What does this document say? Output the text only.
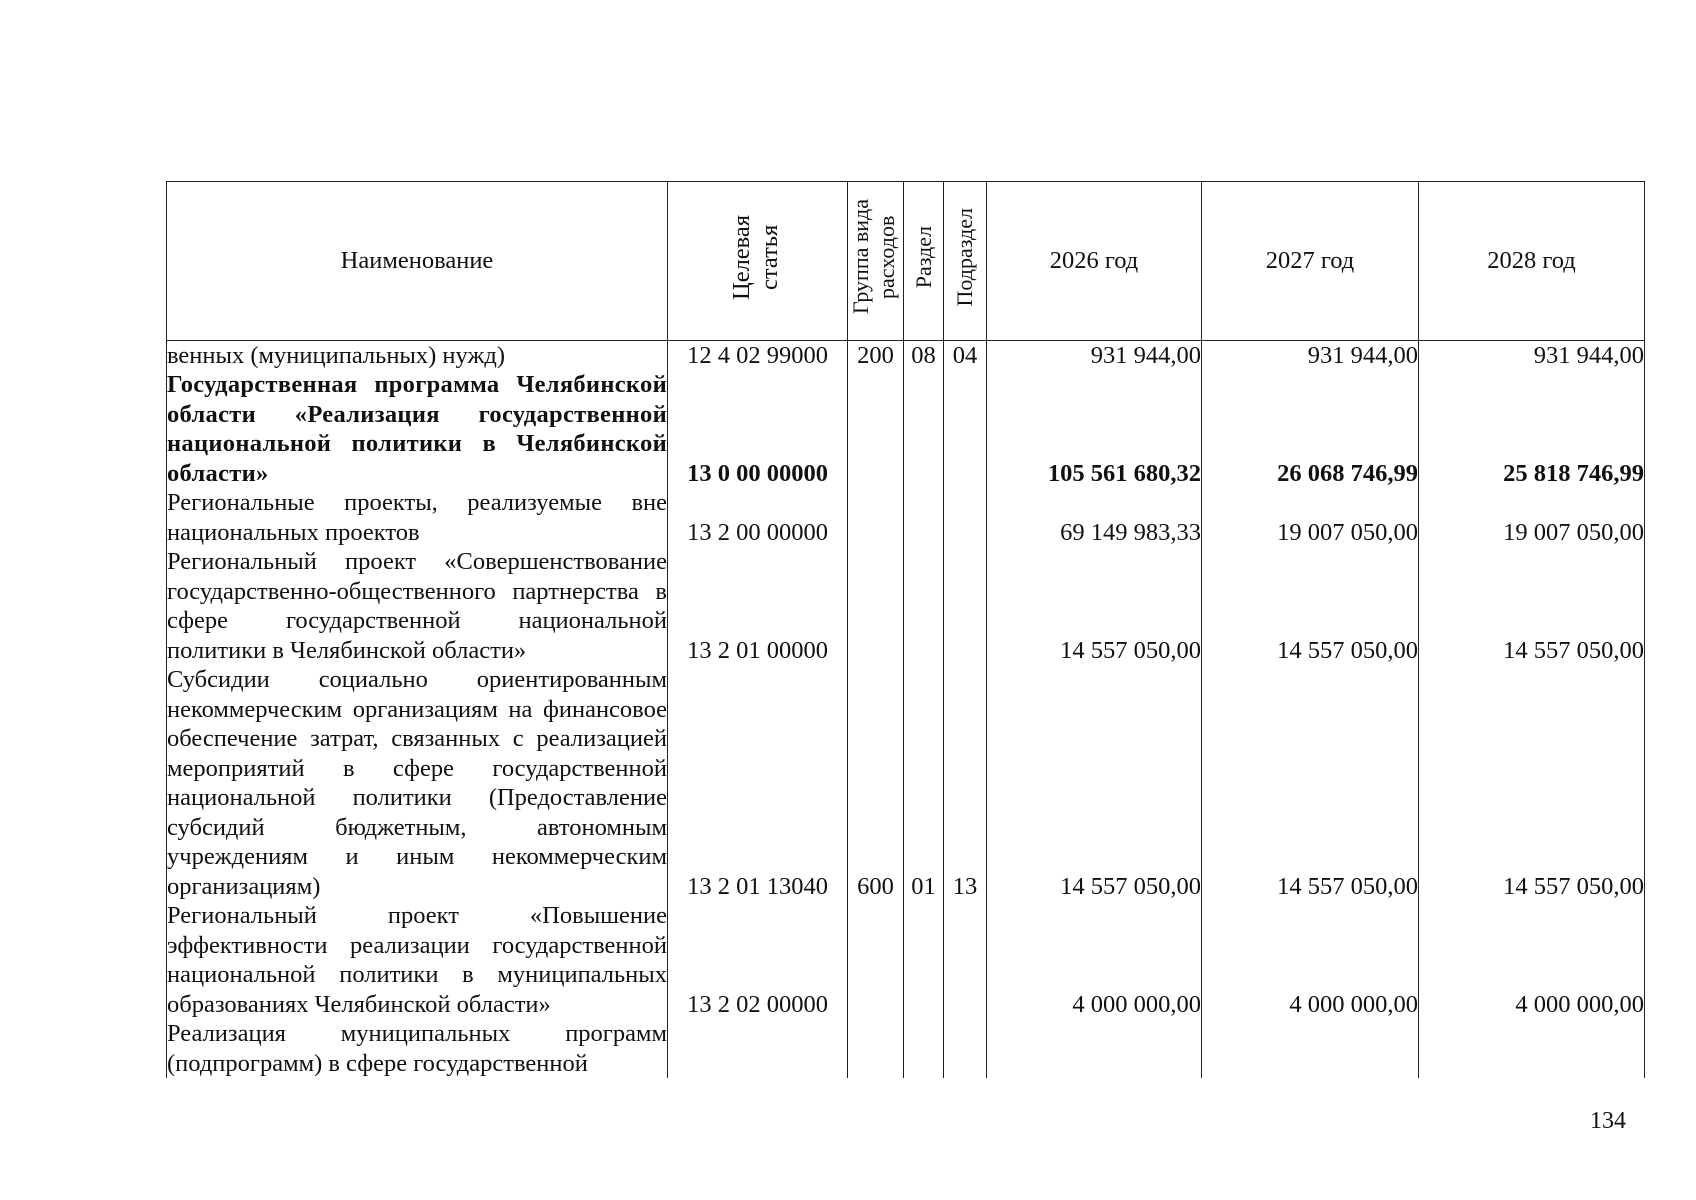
Наименование	Целевая статья	Группа вида расходов	Раздел	Подраздел	2026 год	2027 год	2028 год
венных (муниципальных) нужд)	12 4 02 99000	200	08	04	931 944,00	931 944,00	931 944,00
Государственная программа Челябинской области «Реализация государственной национальной политики в Челябинской области»	13 0 00 00000				105 561 680,32	26 068 746,99	25 818 746,99
Региональные проекты, реализуемые вне национальных проектов	13 2 00 00000				69 149 983,33	19 007 050,00	19 007 050,00
Региональный проект «Совершенствование государственно-общественного партнерства в сфере государственной национальной политики в Челябинской области»	13 2 01 00000				14 557 050,00	14 557 050,00	14 557 050,00
Субсидии социально ориентированным некоммерческим организациям на финансовое обеспечение затрат, связанных с реализацией мероприятий в сфере государственной национальной политики (Предоставление субсидий бюджетным, автономным учреждениям и иным некоммерческим организациям)	13 2 01 13040	600	01	13	14 557 050,00	14 557 050,00	14 557 050,00
Региональный проект «Повышение эффективности реализации государственной национальной политики в муниципальных образованиях Челябинской области»	13 2 02 00000				4 000 000,00	4 000 000,00	4 000 000,00
Реализация муниципальных программ (подпрограмм) в сфере государственной							
134
